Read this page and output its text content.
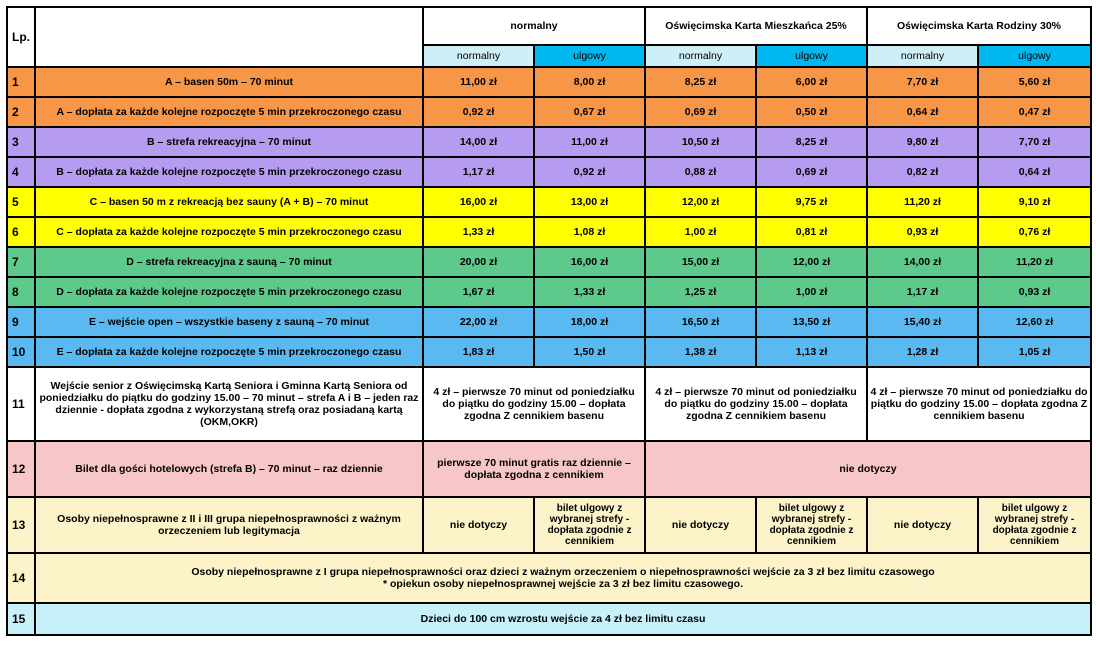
Lp.		normalny		Oświęcimska Karta Mieszkańca 25%		Oświęcimska Karta Rodziny 30%	
		normalny	ulgowy	normalny	ulgowy	normalny	ulgowy
1	A – basen 50m – 70 minut	11,00 zł	8,00 zł	8,25 zł	6,00 zł	7,70 zł	5,60 zł
2	A – dopłata za każde kolejne rozpoczęte 5 min przekroczonego czasu	0,92 zł	0,67 zł	0,69 zł	0,50 zł	0,64 zł	0,47 zł
3	B – strefa rekreacyjna – 70 minut	14,00 zł	11,00 zł	10,50 zł	8,25 zł	9,80 zł	7,70 zł
4	B – dopłata za każde kolejne rozpoczęte 5 min przekroczonego czasu	1,17 zł	0,92 zł	0,88 zł	0,69 zł	0,82 zł	0,64 zł
5	C – basen 50 m z rekreacją bez sauny (A + B) – 70 minut	16,00 zł	13,00 zł	12,00 zł	9,75 zł	11,20 zł	9,10 zł
6	C – dopłata za każde kolejne rozpoczęte 5 min przekroczonego czasu	1,33 zł	1,08 zł	1,00 zł	0,81 zł	0,93 zł	0,76 zł
7	D – strefa rekreacyjna z sauną – 70 minut	20,00 zł	16,00 zł	15,00 zł	12,00 zł	14,00 zł	11,20 zł
8	D – dopłata za każde kolejne rozpoczęte 5 min przekroczonego czasu	1,67 zł	1,33 zł	1,25 zł	1,00 zł	1,17 zł	0,93 zł
9	E – wejście open – wszystkie baseny z sauną – 70 minut	22,00 zł	18,00 zł	16,50 zł	13,50 zł	15,40 zł	12,60 zł
10	E – dopłata za każde kolejne rozpoczęte 5 min przekroczonego czasu	1,83 zł	1,50 zł	1,38 zł	1,13 zł	1,28 zł	1,05 zł
11	Wejście senior z Oświęcimską Kartą Seniora i Gminna Kartą Seniora od poniedziałku do piątku do godziny 15.00 – 70 minut – strefa A i B – jeden raz dziennie - dopłata zgodna z wykorzystaną strefą oraz posiadaną kartą (OKM,OKR)	4 zł – pierwsze 70 minut od poniedziałku do piątku do godziny 15.00 – dopłata zgodna Z cennikiem basenu		4 zł – pierwsze 70 minut od poniedziałku do piątku do godziny 15.00 – dopłata zgodna Z cennikiem basenu		4 zł – pierwsze 70 minut od poniedziałku do piątku do godziny 15.00 – dopłata zgodna Z cennikiem basenu	
12	Bilet dla gości hotelowych (strefa B) – 70 minut – raz dziennie	pierwsze 70 minut gratis raz dziennie – dopłata zgodna z cennikiem		nie dotyczy			
13	Osoby niepełnosprawne z II i III grupa niepełnosprawności z ważnym orzeczeniem lub legitymacja	nie dotyczy	bilet ulgowy z wybranej strefy -dopłata zgodnie z cennikiem	nie dotyczy	bilet ulgowy z wybranej strefy -dopłata zgodnie z cennikiem	nie dotyczy	bilet ulgowy z wybranej strefy -dopłata zgodnie z cennikiem
14	Osoby niepełnosprawne z I grupa niepełnosprawności oraz dzieci z ważnym orzeczeniem o niepełnosprawności wejście za 3 zł bez limitu czasowego
* opiekun osoby niepełnosprawnej wejście za 3 zł bez limitu czasowego.						

15	Dzieci do 100 cm wzrostu wejście za 4 zł bez limitu czasu						
